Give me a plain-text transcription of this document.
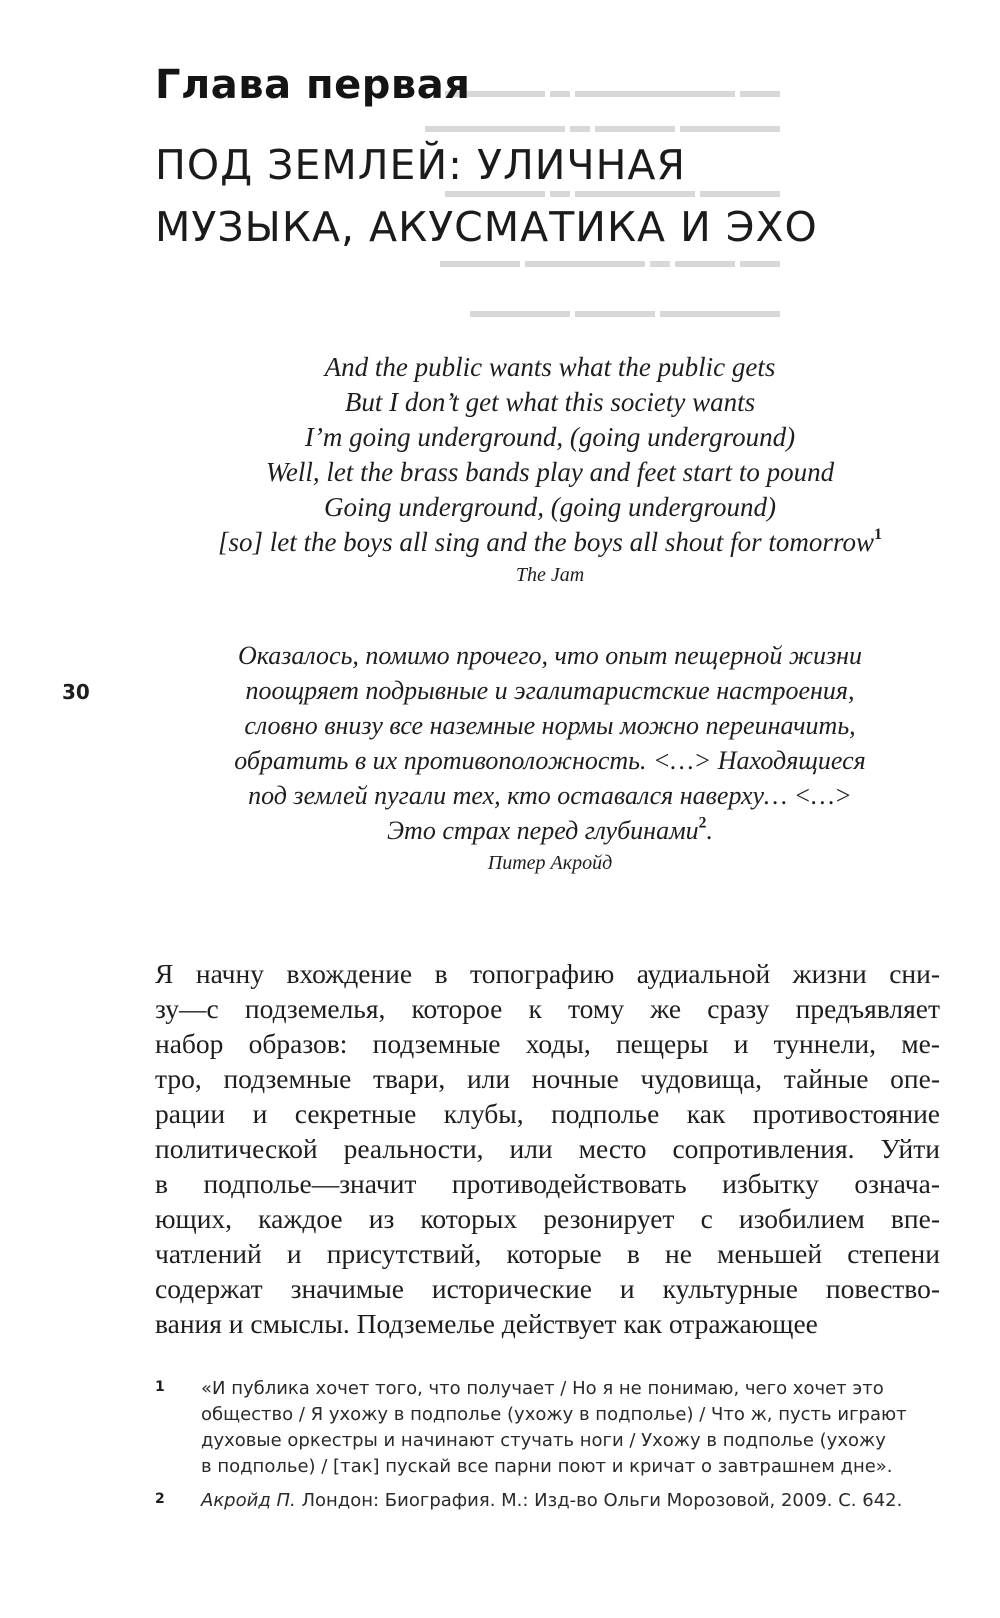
▬▬ ▬▬▬▬▬▬▬▬ ▬ ▬▬▬▬▬
▬▬▬▬▬ ▬▬▬▬ ▬ ▬▬▬▬▬▬▬
▬▬▬▬ ▬▬▬▬▬▬ ▬ ▬▬▬▬▬
▬▬ ▬▬▬ ▬ ▬▬▬▬▬▬ ▬▬▬▬
▬▬▬▬▬▬ ▬▬▬▬ ▬▬▬▬▬
Глава первая
ПОД ЗЕМЛЕЙ: УЛИЧНАЯ
МУЗЫКА, АКУСМАТИКА И ЭХО
And the public wants what the public gets
But I don’t get what this society wants
I’m going underground, (going underground)
Well, let the brass bands play and feet start to pound
Going underground, (going underground)
[so] let the boys all sing and the boys all shout for tomorrow$^1$
The Jam
30
Оказалось, помимо прочего, что опыт пещерной жизни
поощряет подрывные и эгалитаристские настроения,
словно внизу все наземные нормы можно переиначить,
обратить в их противоположность. <…> Находящиеся
под землей пугали тех, кто оставался наверху… <…>
Это страх перед глубинами$^2$.
Питер Акройд
Я начну вхождение в топографию аудиальной жизни сни-
зу—с подземелья, которое к тому же сразу предъявляет
набор образов: подземные ходы, пещеры и туннели, ме-
тро, подземные твари, или ночные чудовища, тайные опе-
рации и секретные клубы, подполье как противостояние
политической реальности, или место сопротивления. Уйти
в подполье—значит противодействовать избытку означа-
ющих, каждое из которых резонирует с изобилием впе-
чатлений и присутствий, которые в не меньшей степени
содержат значимые исторические и культурные повество-
вания и смыслы. Подземелье действует как отражающее
1 «И публика хочет того, что получает / Но я не понимаю, чего хочет это
общество / Я ухожу в подполье (ухожу в подполье) / Что ж, пусть играют
духовые оркестры и начинают стучать ноги / Ухожу в подполье (ухожу
в подполье) / [так] пускай все парни поют и кричат о завтрашнем дне».
2 Акройд П. Лондон: Биография. М.: Изд-во Ольги Морозовой, 2009. С. 642.
